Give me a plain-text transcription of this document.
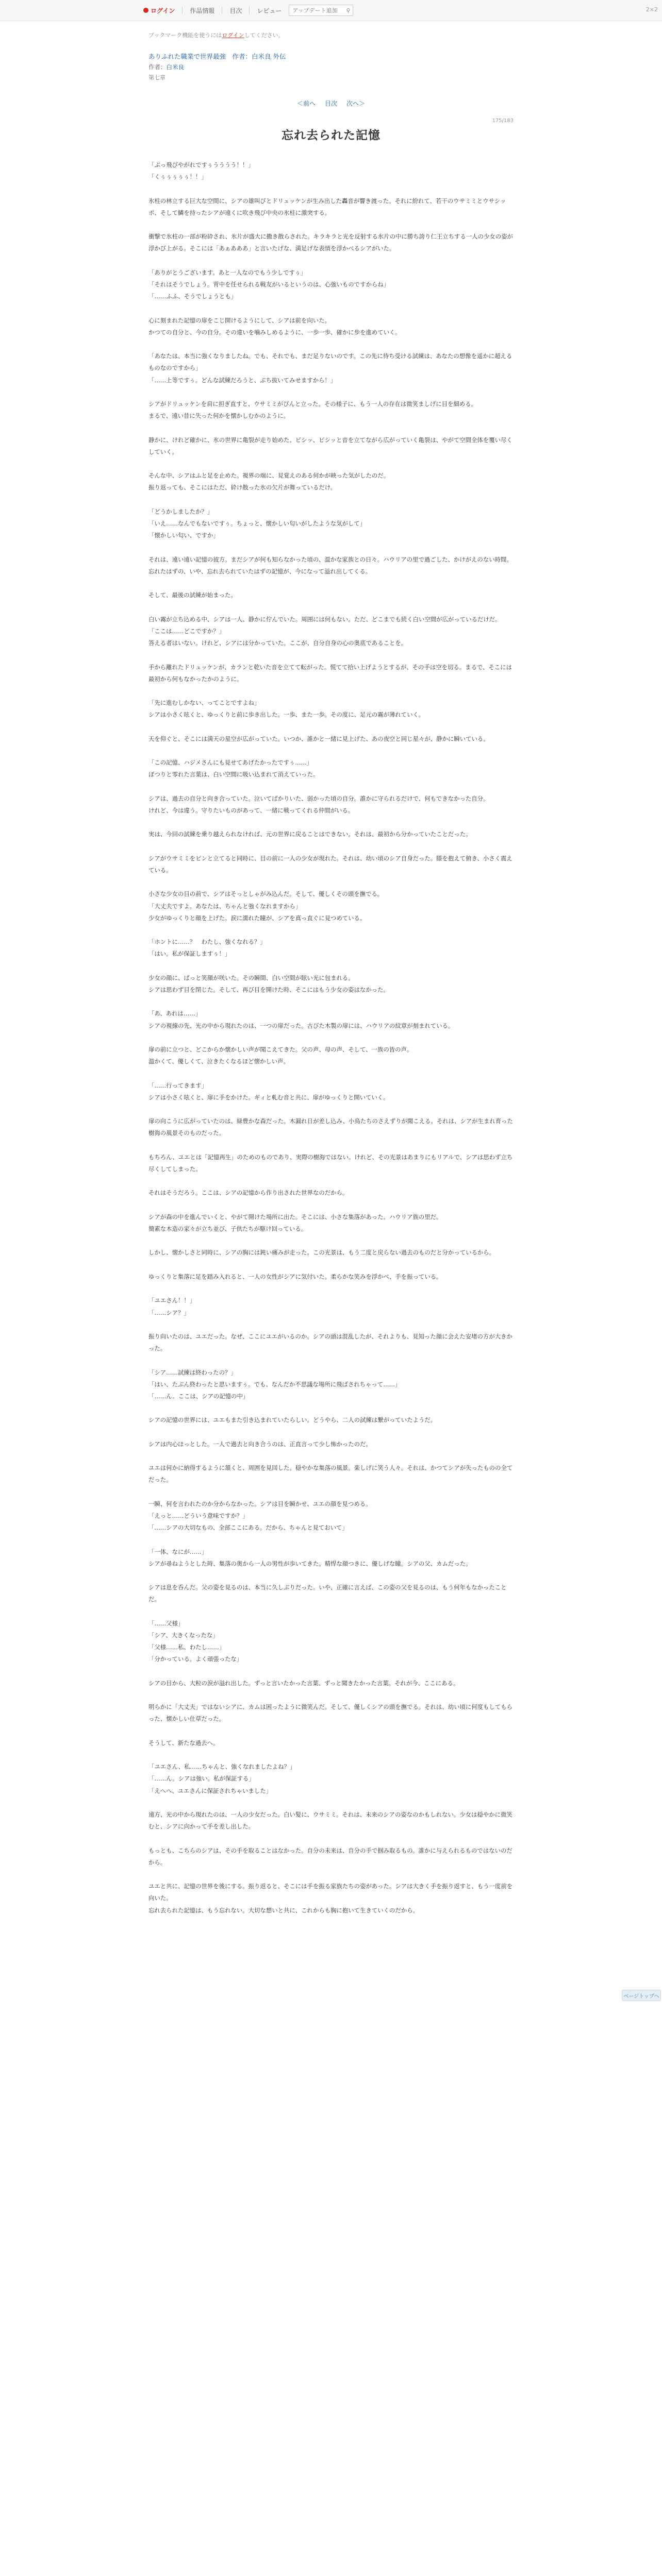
ログイン 作品情報 目次 レビュー
アップデート追加	⚲	2×2

ブックマーク機能を使うにはログインしてください。

ありふれた職業で世界最強　作者：白米良 外伝

作者：白米良

第七章

＜前へ 目次 次へ＞

175/183

忘れ去られた記憶

「ぶっ飛びやがれですぅうううう！！」
「くぅぅぅぅぅ！！」

氷柱の林立する巨大な空間に、シアの雄叫びとドリュッケンが生み出した轟音が響き渡った。それに紛れて、若干のウサミミとウサシッポ、そして鱗を持ったシアが遠くに吹き飛び中央の氷柱に激突する。

衝撃で氷柱の一部が粉砕され、氷片が盛大に撒き散らされた。キラキラと光を反射する氷片の中に勝ち誇り仁王立ちする一人の少女の姿が浮かび上がる。そこには「あぁあああ」と言いたげな、満足げな表情を浮かべるシアがいた。

「ありがとうございます。あと一人なのでもう少しですぅ」
「それはそうでしょう。背中を任せられる戦友がいるというのは、心強いものですからね」
「……ふふ、そうでしょうとも」

心に刻まれた記憶の扉をこじ開けるようにして、シアは前を向いた。
かつての自分と、今の自分。その違いを噛みしめるように、一歩一歩、確かに歩を進めていく。

「あなたは、本当に強くなりましたね。でも、それでも、まだ足りないのです。この先に待ち受ける試練は、あなたの想像を遥かに超えるものなのですから」
「……上等ですぅ。どんな試練だろうと、ぶち抜いてみせますから！」

シアがドリュッケンを肩に担ぎ直すと、ウサミミがぴんと立った。その様子に、もう一人の存在は微笑ましげに目を細める。
まるで、遠い昔に失った何かを懐かしむかのように。

静かに、けれど確かに、氷の世界に亀裂が走り始めた。ピシッ、ピシッと音を立てながら広がっていく亀裂は、やがて空間全体を覆い尽くしていく。

そんな中、シアはふと足を止めた。視界の端に、見覚えのある何かが映った気がしたのだ。
振り返っても、そこにはただ、砕け散った氷の欠片が舞っているだけ。

「どうかしましたか？」
「いえ……なんでもないですぅ。ちょっと、懐かしい匂いがしたような気がして」
「懐かしい匂い、ですか」

それは、遠い遠い記憶の彼方。まだシアが何も知らなかった頃の、温かな家族との日々。ハウリアの里で過ごした、かけがえのない時間。
忘れたはずの、いや、忘れ去られていたはずの記憶が、今になって溢れ出してくる。

そして、最後の試練が始まった。

白い霧が立ち込める中、シアは一人、静かに佇んでいた。周囲には何もない。ただ、どこまでも続く白い空間が広がっているだけだ。
「ここは……どこですか？」
答える者はいない。けれど、シアには分かっていた。ここが、自分自身の心の奥底であることを。

手から離れたドリュッケンが、カランと乾いた音を立てて転がった。慌てて拾い上げようとするが、その手は空を切る。まるで、そこには最初から何もなかったかのように。

「先に進むしかない、ってことですよね」
シアは小さく呟くと、ゆっくりと前に歩き出した。一歩、また一歩。その度に、足元の霧が薄れていく。

天を仰ぐと、そこには満天の星空が広がっていた。いつか、誰かと一緒に見上げた、あの夜空と同じ星々が、静かに瞬いている。

「この記憶、ハジメさんにも見せてあげたかったですぅ……」
ぽつりと零れた言葉は、白い空間に吸い込まれて消えていった。

シアは、過去の自分と向き合っていた。泣いてばかりいた、弱かった頃の自分。誰かに守られるだけで、何もできなかった自分。
けれど、今は違う。守りたいものがあって、一緒に戦ってくれる仲間がいる。

実は、今回の試練を乗り越えられなければ、元の世界に戻ることはできない。それは、最初から分かっていたことだった。

シアがウサミミをピンと立てると同時に、目の前に一人の少女が現れた。それは、幼い頃のシア自身だった。膝を抱えて俯き、小さく震えている。

小さな少女の目の前で、シアはそっとしゃがみ込んだ。そして、優しくその頭を撫でる。
「大丈夫ですよ。あなたは、ちゃんと強くなれますから」
少女がゆっくりと顔を上げた。涙に濡れた瞳が、シアを真っ直ぐに見つめている。

「ホントに……？　わたし、強くなれる？」
「はい。私が保証しますぅ！」

少女の顔に、ぱっと笑顔が咲いた。その瞬間、白い空間が眩い光に包まれる。
シアは思わず目を閉じた。そして、再び目を開けた時、そこにはもう少女の姿はなかった。

「あ、あれは……」
シアの視線の先、光の中から現れたのは、一つの扉だった。古びた木製の扉には、ハウリアの紋章が刻まれている。

扉の前に立つと、どこからか懐かしい声が聞こえてきた。父の声、母の声、そして、一族の皆の声。
温かくて、優しくて、泣きたくなるほど懐かしい声。

「……行ってきます」
シアは小さく呟くと、扉に手をかけた。ギィと軋む音と共に、扉がゆっくりと開いていく。

扉の向こうに広がっていたのは、緑豊かな森だった。木漏れ日が差し込み、小鳥たちのさえずりが聞こえる。それは、シアが生まれ育った樹海の風景そのものだった。

もちろん、ユエとは「記憶再生」のためのものであり、実際の樹海ではない。けれど、その光景はあまりにもリアルで、シアは思わず立ち尽くしてしまった。

それはそうだろう。ここは、シアの記憶から作り出された世界なのだから。

シアが森の中を進んでいくと、やがて開けた場所に出た。そこには、小さな集落があった。ハウリア族の里だ。
簡素な木造の家々が立ち並び、子供たちが駆け回っている。

しかし、懐かしさと同時に、シアの胸には鈍い痛みが走った。この光景は、もう二度と戻らない過去のものだと分かっているから。

ゆっくりと集落に足を踏み入れると、一人の女性がシアに気付いた。柔らかな笑みを浮かべ、手を振っている。

「ユエさん！！」
「……シア？」

振り向いたのは、ユエだった。なぜ、ここにユエがいるのか。シアの頭は混乱したが、それよりも、見知った顔に会えた安堵の方が大きかった。

「シア……試練は終わったの？」
「はい、たぶん終わったと思いますぅ。でも、なんだか不思議な場所に飛ばされちゃって……」
「……ん。ここは、シアの記憶の中」

シアの記憶の世界には、ユエもまた引き込まれていたらしい。どうやら、二人の試練は繋がっていたようだ。

シアは内心ほっとした。一人で過去と向き合うのは、正直言って少し怖かったのだ。

ユエは何かに納得するように頷くと、周囲を見回した。穏やかな集落の風景。楽しげに笑う人々。それは、かつてシアが失ったものの全てだった。

一瞬、何を言われたのか分からなかった。シアは目を瞬かせ、ユエの顔を見つめる。
「えっと……どういう意味ですか？」
「……シアの大切なもの、全部ここにある。だから、ちゃんと見ておいて」

「一体、なにが……」
シアが尋ねようとした時、集落の奥から一人の男性が歩いてきた。精悍な顔つきに、優しげな瞳。シアの父、カムだった。

シアは息を呑んだ。父の姿を見るのは、本当に久しぶりだった。いや、正確に言えば、この姿の父を見るのは、もう何年もなかったことだ。

「……父様」
「シア、大きくなったな」
「父様……私、わたし……」
「分かっている。よく頑張ったな」

シアの目から、大粒の涙が溢れ出した。ずっと言いたかった言葉、ずっと聞きたかった言葉。それが今、ここにある。

明らかに「大丈夫」ではないシアに、カムは困ったように微笑んだ。そして、優しくシアの頭を撫でる。それは、幼い頃に何度もしてもらった、懐かしい仕草だった。

そうして、新たな過去へ。

「ユエさん、私……ちゃんと、強くなれましたよね？」
「……ん。シアは強い。私が保証する」
「えへへ、ユエさんに保証されちゃいました」

遠方、光の中から現れたのは、一人の少女だった。白い髪に、ウサミミ。それは、未来のシアの姿なのかもしれない。少女は穏やかに微笑むと、シアに向かって手を差し出した。

もっとも、こちらのシアは、その手を取ることはなかった。自分の未来は、自分の手で掴み取るもの。誰かに与えられるものではないのだから。

ユエと共に、記憶の世界を後にする。振り返ると、そこには手を振る家族たちの姿があった。シアは大きく手を振り返すと、もう一度前を向いた。
忘れ去られた記憶は、もう忘れない。大切な想いと共に、これからも胸に抱いて生きていくのだから。

ページトップへ
